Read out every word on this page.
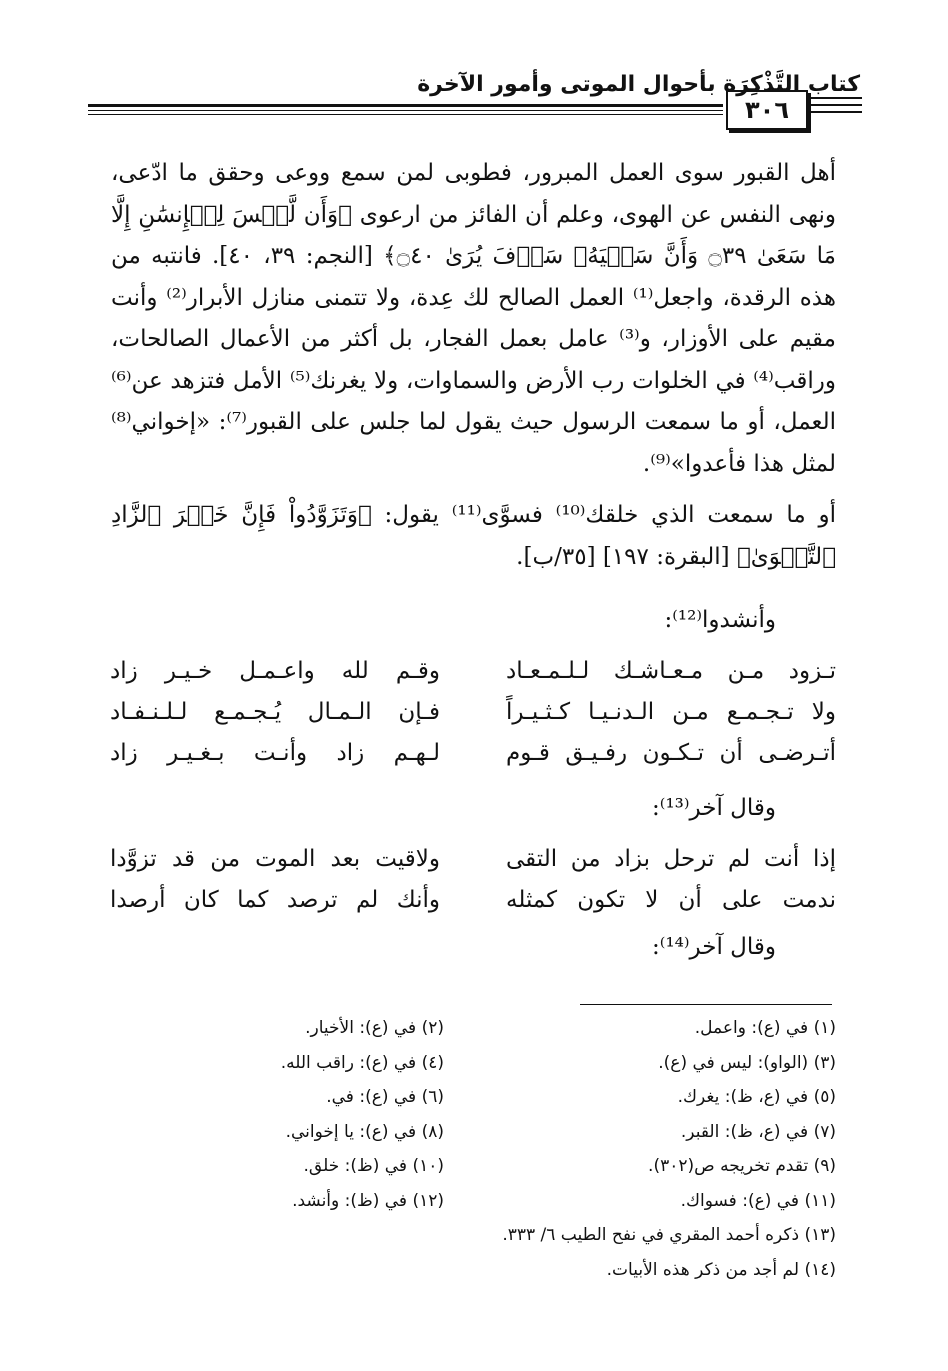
كتاب التَّذْكِرَة بأحوال الموتى وأمور الآخرة
٣٠٦

أهل القبور سوى العمل المبرور، فطوبى لمن سمع ووعى وحقق ما ادّعى، ونهى النفس عن الهوى، وعلم أن الفائز من ارعوى ﴿وَأَن لَّيۡسَ لِلۡإِنسَٰنِ إِلَّا مَا سَعَىٰ ۝٣٩ وَأَنَّ سَعۡيَهُۥ سَوۡفَ يُرَىٰ ۝٤٠﴾ [النجم: ٣٩، ٤٠]. فانتبه من هذه الرقدة، واجعل⁽¹⁾ العمل الصالح لك عِدة، ولا تتمنى منازل الأبرار⁽²⁾ وأنت مقيم على الأوزار، و⁽³⁾ عامل بعمل الفجار، بل أكثر من الأعمال الصالحات، وراقب⁽⁴⁾ في الخلوات رب الأرض والسماوات، ولا يغرنك⁽⁵⁾ الأمل فتزهد عن⁽⁶⁾ العمل، أو ما سمعت الرسول حيث يقول لما جلس على القبور⁽⁷⁾: «إخواني⁽⁸⁾ لمثل هذا فأعدوا»⁽⁹⁾.

أو ما سمعت الذي خلقك⁽¹⁰⁾ فسوَّى⁽¹¹⁾ يقول: ﴿وَتَزَوَّدُواْ فَإِنَّ خَيۡرَ ٱلزَّادِ ٱلتَّقۡوَىٰ﴾ [البقرة: ١٩٧] [٣٥/ب].

وأنشدوا⁽¹²⁾:
تـزود مـن مـعـاشـك لـلـمـعـاد
وقـم لله واعـمـل خـيـر زاد
ولا تـجـمـع مـن الـدنـيـا كـثـيـراً
فـإن الـمـال يُـجـمـع لـلـنـفـاد
أتـرضـى أن تـكـون رفـيـق قـوم
لـهـم زاد وأنـت بـغـيـر زاد
وقال آخر⁽¹³⁾:
إذا أنت لم ترحل بزاد من التقى
ولاقيت بعد الموت من قد تزوَّدا
ندمت على أن لا تكون كمثله
وأنك لم ترصد كما كان أرصدا
وقال آخر⁽¹⁴⁾:
(١) في (ع): واعمل.
(٢) في (ع): الأخيار.
(٣) (الواو): ليس في (ع).
(٤) في (ع): راقب الله.
(٥) في (ع، ظ): يغرك.
(٦) في (ع): في.
(٧) في (ع، ظ): القبر.
(٨) في (ع): يا إخواني.
(٩) تقدم تخريجه ص(٣٠٢).
(١٠) في (ظ): خلق.
(١١) في (ع): فسواك.
(١٢) في (ظ): وأنشد.
(١٣) ذكره أحمد المقري في نفح الطيب ٦/ ٣٣٣.
(١٤) لم أجد من ذكر هذه الأبيات.
